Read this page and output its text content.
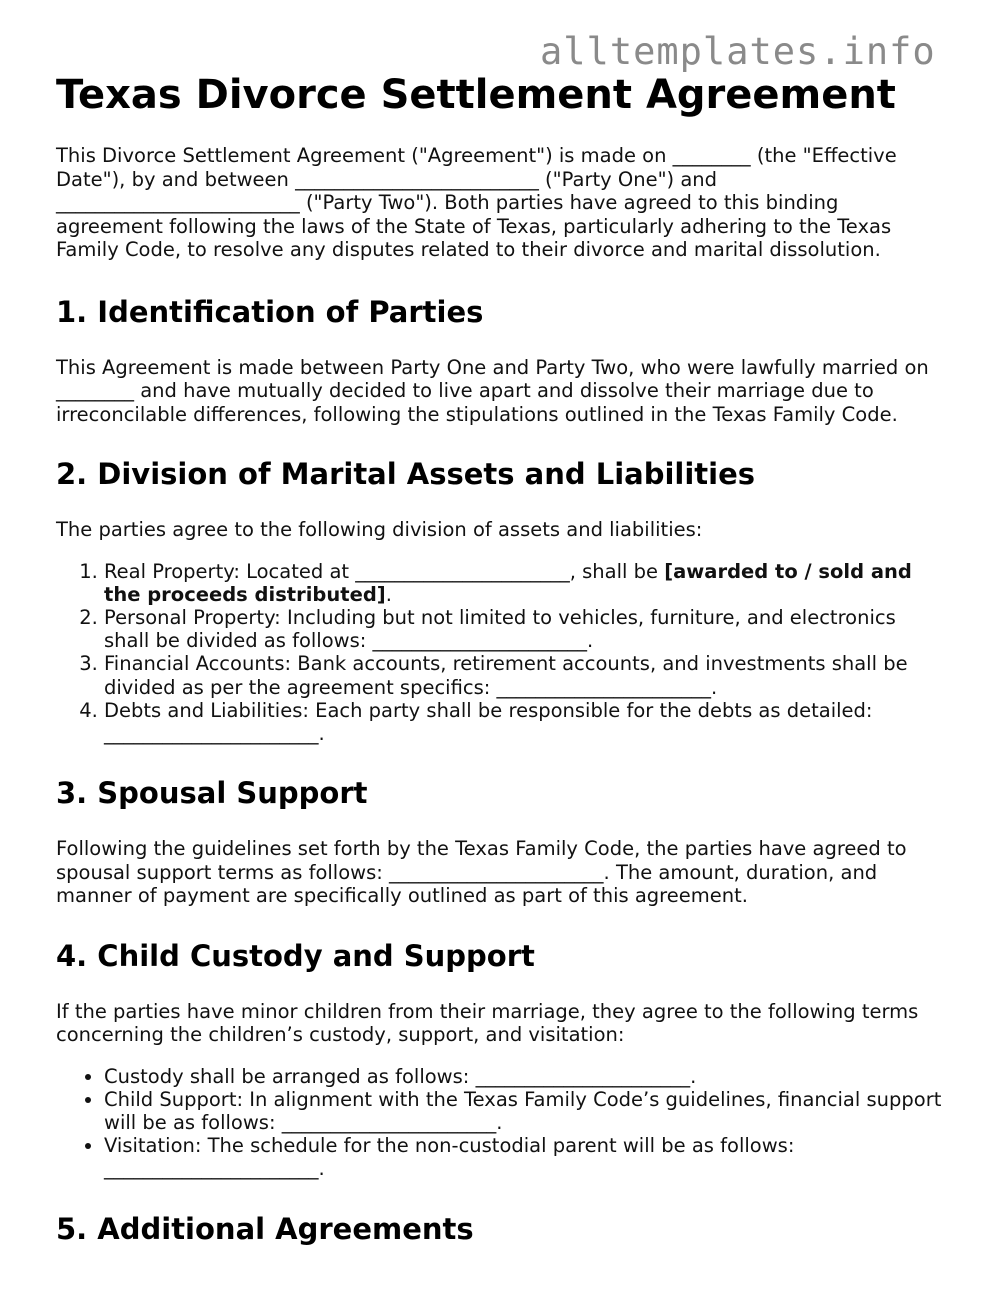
alltemplates.info
Texas Divorce Settlement Agreement

This Divorce Settlement Agreement ("Agreement") is made on ________ (the "Effective Date"), by and between _________________________ ("Party One") and _________________________ ("Party Two"). Both parties have agreed to this binding agreement following the laws of the State of Texas, particularly adhering to the Texas Family Code, to resolve any disputes related to their divorce and marital dissolution.

1. Identification of Parties

This Agreement is made between Party One and Party Two, who were lawfully married on ________ and have mutually decided to live apart and dissolve their marriage due to irreconcilable differences, following the stipulations outlined in the Texas Family Code.

2. Division of Marital Assets and Liabilities

The parties agree to the following division of assets and liabilities:

1. Real Property: Located at ______________________, shall be [awarded to / sold and the proceeds distributed].
2. Personal Property: Including but not limited to vehicles, furniture, and electronics shall be divided as follows: ______________________.
3. Financial Accounts: Bank accounts, retirement accounts, and investments shall be divided as per the agreement specifics: ______________________.
4. Debts and Liabilities: Each party shall be responsible for the debts as detailed: ______________________.
3. Spousal Support

Following the guidelines set forth by the Texas Family Code, the parties have agreed to spousal support terms as follows: ______________________. The amount, duration, and manner of payment are specifically outlined as part of this agreement.

4. Child Custody and Support

If the parties have minor children from their marriage, they agree to the following terms concerning the children’s custody, support, and visitation:

• Custody shall be arranged as follows: ______________________.
• Child Support: In alignment with the Texas Family Code’s guidelines, financial support will be as follows: ______________________.
• Visitation: The schedule for the non-custodial parent will be as follows: ______________________.
5. Additional Agreements
